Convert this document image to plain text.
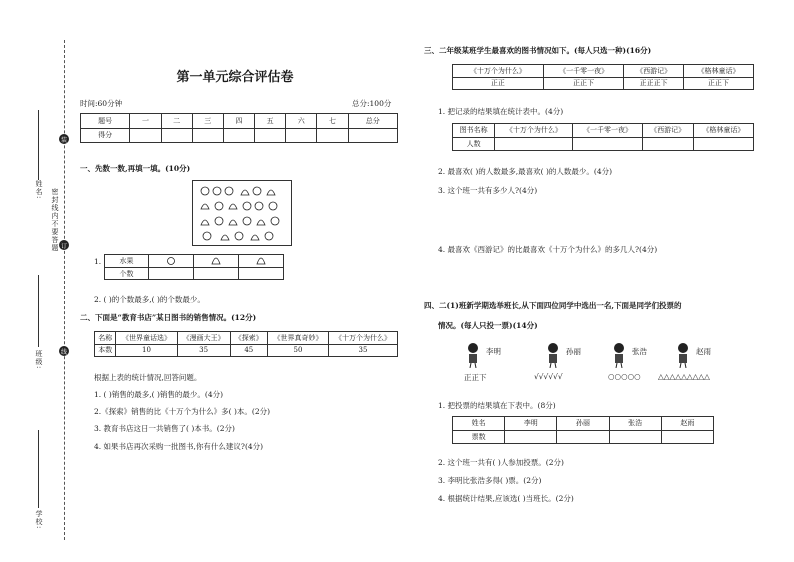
装
订
线
密封线内不要答题
姓名:
班级:
学校:
第一单元综合评估卷
时间:60分钟	总分:100分
题号	一	二	三	四	五	六	七	总分
得分								
一、先数一数,再填一填。(10分)
1.	水果			
个数			
2. ( )的个数最多,( )的个数最少。
二、下面是“教育书店”某日图书的销售情况。(12分)
名称	《世界童话选》	《漫画大王》	《探索》	《世界真奇妙》	《十万个为什么》
本数	10	35	45	50	35
根据上表的统计情况,回答问题。
1. ( )销售的最多,( )销售的最少。(4分)
2.《探索》销售的比《十万个为什么》多( )本。(2分)
3. 教育书店这日一共销售了( )本书。(2分)
4. 如果书店再次采购一批图书,你有什么建议?(4分)
三、二年级某班学生最喜欢的图书情况如下。(每人只选一种)(16分)
《十万个为什么》	《一千零一夜》	《西游记》	《格林童话》
正正	正正下	正正正下	正正下
1. 把记录的结果填在统计表中。(4分)
图书名称	《十万个为什么》	《一千零一夜》	《西游记》	《格林童话》
人数				
2. 最喜欢( )的人数最多,最喜欢( )的人数最少。(4分)
3. 这个班一共有多少人?(4分)
4. 最喜欢《西游记》的比最喜欢《十万个为什么》的多几人?(4分)
四、二(1)班新学期选举班长,从下面四位同学中选出一名,下面是同学们投票的
情况。(每人只投一票)(14分)
李明
正正下
孙丽
√√√√√√
张浩
○○○○○
赵雨
△△△△△△△△△
1. 把投票的结果填在下表中。(8分)
姓名	李明	孙丽	张浩	赵雨
票数				
2. 这个班一共有( )人参加投票。(2分)
3. 李明比张浩多得( )票。(2分)
4. 根据统计结果,应该选( )当班长。(2分)
